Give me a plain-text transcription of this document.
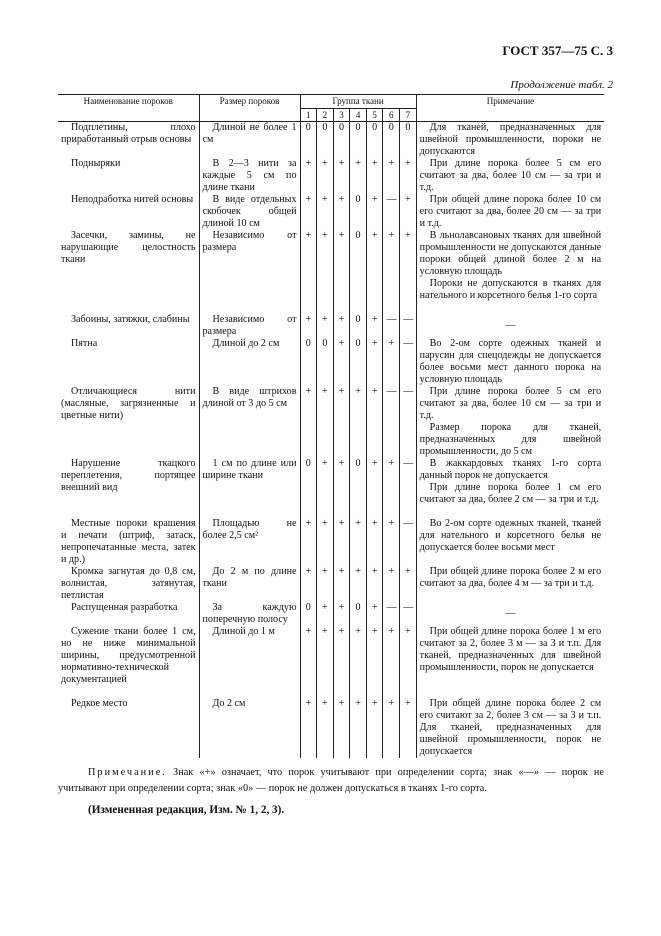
ГОСТ 357—75 С. 3
Продолжение табл. 2
Наименование пороков	Размер пороков	Группа ткани							Примечание

		1	2	3	4	5	6	7	

Подплетины, плохо приработанный отрыв основы	Длиной не более 1 см	0	0	0	0	0	0	0	Для тканей, предназначенных для швейной промышленности, пороки не допускаются

Подныряки	В 2—3 нити за каждые 5 см по длине ткани	+	+	+	+	+	+	+	При длине порока более 5 см его считают за два, более 10 см — за три и т.д.

Неподработка нитей основы	В виде отдельных скобочек общей длиной 10 см	+	+	+	0	+	—	+	При общей длине порока более 10 см его считают за два, более 20 см — за три и т.д.

Засечки, замины, не нарушающие целостность ткани	Независимо от размера	+	+	+	0	+	+	+	В льнолавсановых тканях для швейной промышленности не допускаются данные пороки общей длиной более 2 м на условную площадь

Пороки не допускаются в тканях для нательного и корсетного белья 1-го сорта

Забоины, затяжки, слабины	Независимо от размера	+	+	+	0	+	—	—	—

Пятна	Длиной до 2 см	0	0	+	0	+	+	—	Во 2-ом сорте одежных тканей и парусин для спецодежды не допускается более восьми мест данного порока на условную площадь

Отличающиеся нити (масляные, загрязненные и цветные нити)	В виде штрихов длиной от 3 до 5 см	+	+	+	+	+	—	—	При длине порока более 5 см его считают за два, более 10 см — за три и т.д.

Размер порока для тканей, предназначенных для швейной промышленности, до 5 см

Нарушение ткацкого переплетения, портящее внешний вид	1 см по длине или ширине ткани	0	+	+	0	+	+	—	В жаккардовых тканях 1-го сорта данный порок не допускается

При длине порока более 1 см его считают за два, более 2 см — за три и т.д.

Местные пороки крашения и печати (штриф, затаск, непропечатанные места, затек и др.)	Площадью не более 2,5 см²	+	+	+	+	+	+	—	Во 2-ом сорте одежных тканей, тканей для нательного и корсетного белья не допускается более восьми мест

Кромка загнутая до 0,8 см, волнистая, затянутая, петлистая	До 2 м по длине ткани	+	+	+	+	+	+	+	При общей длине порока более 2 м его считают за два, более 4 м — за три и т.д.

Распущенная разработка	За каждую поперечную полосу	0	+	+	0	+	—	—	—

Сужение ткани более 1 см, но не ниже минимальной ширины, предусмотренной нормативно-технической документацией	Длиной до 1 м	+	+	+	+	+	+	+	При общей длине порока более 1 м его считают за 2, более 3 м — за 3 и т.п. Для тканей, предназначенных для швейной промышленности, порок не допускается

Редкое место	До 2 см	+	+	+	+	+	+	+	При общей длине порока более 2 см его считают за 2, более 3 см — за 3 и т.п. Для тканей, предназначенных для швейной промышленности, порок не допускается

Примечание. Знак «+» означает, что порок учитывают при определении сорта; знак «—» — порок не учитывают при определении сорта; знак «0» — порок не должен допускаться в тканях 1-го сорта.
(Измененная редакция, Изм. № 1, 2, 3).
